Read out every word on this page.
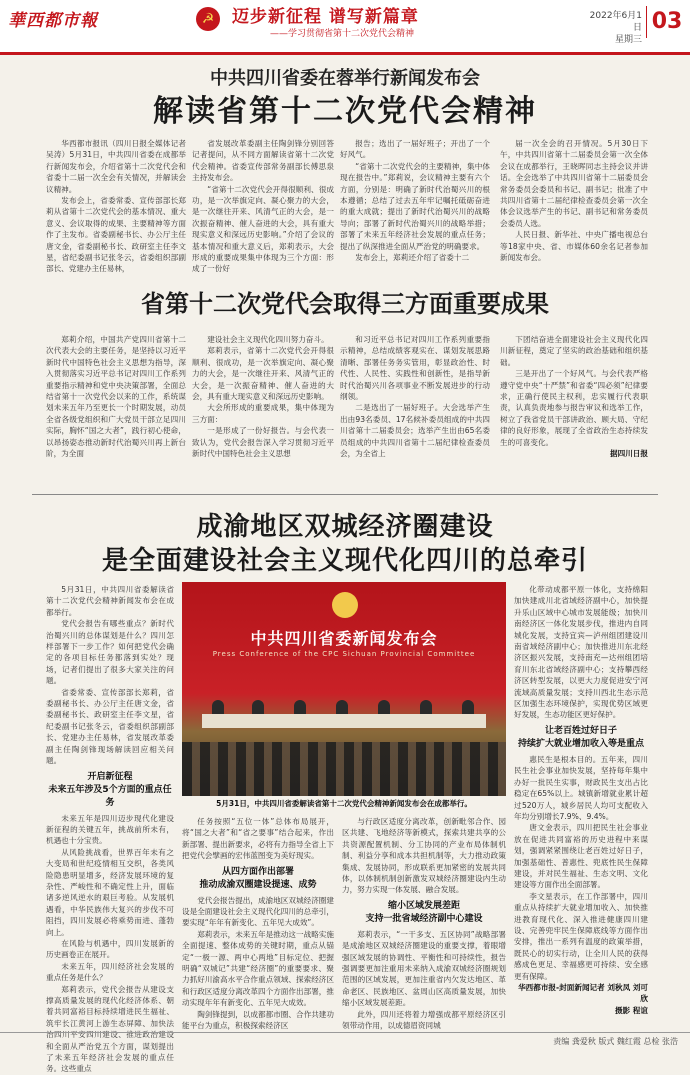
華西都市報	☭	迈步新征程 谱写新篇章
——学习贯彻省第十二次党代会精神
2022年6月1日
星期三
03
中共四川省委在蓉举行新闻发布会
解读省第十二次党代会精神

华西都市报讯（四川日报全媒体记者 吴涛）5月31日，中共四川省委在成都举行新闻发布会，介绍省第十二次党代会和省委十二届一次全会有关情况，并解读会议精神。

发布会上，省委常委、宣传部部长郑莉从省第十二次党代会的基本情况、重大意义、会议取得的成果、主要精神等方面作了主发布。省委副秘书长、办公厅主任唐文金，省委副秘书长、政研室主任李文星，省纪委副书记张冬云，省委组织部副部长、党建办主任易林，

省发展改革委副主任陶剑锋分别回答记者提问，从不同方面解读省第十二次党代会精神。省委宣传部常务副部长傅思泉主持发布会。

“省第十二次党代会开得很顺利、很成功，是一次举旗定向、凝心聚力的大会，是一次继往开来、风清气正的大会，是一次振奋精神、催人奋进的大会，具有重大现实意义和深远历史影响。”介绍了会议的基本情况和重大意义后，郑莉表示，大会形成的重要成果集中体现为三个方面：形成了一份好

报告；选出了一届好班子；开出了一个好风气。

“省第十二次党代会的主要精神，集中体现在报告中。”郑莉说，会议精神主要有六个方面，分别是：明确了新时代治蜀兴川的根本遵循；总结了过去五年牢记嘱托砥砺奋进的重大成就；提出了新时代治蜀兴川的战略导向；部署了新时代治蜀兴川的战略举措；部署了未来五年经济社会发展的重点任务；提出了纵深推进全面从严治党的明确要求。

发布会上，郑莉还介绍了省委十二

届一次全会的召开情况。5月30日下午，中共四川省第十二届委员会第一次全体会议在成都举行，王晓晖同志主持会议并讲话。全会选举了中共四川省第十二届委员会常务委员会委员和书记、副书记；批准了中共四川省第十二届纪律检查委员会第一次全体会议选举产生的书记、副书记和常务委员会委员人选。

人民日报、新华社、中央广播电视总台等18家中央、省、市媒体60余名记者参加新闻发布会。

省第十二次党代会取得三方面重要成果

郑莉介绍，中国共产党四川省第十二次代表大会的主要任务，是坚持以习近平新时代中国特色社会主义思想为指导，深入贯彻落实习近平总书记对四川工作系列重要指示精神和党中央决策部署，全面总结省第十一次党代会以来的工作，系统谋划未来五年乃至更长一个时期发展，动员全省各级党组织和广大党员干部立足四川实际，胸怀“国之大者”，践行初心使命，以昂扬姿态推动新时代治蜀兴川再上新台阶，为全面

建设社会主义现代化四川努力奋斗。

郑莉表示，省第十二次党代会开得很顺利、很成功，是一次举旗定向、凝心聚力的大会，是一次继往开来、风清气正的大会，是一次振奋精神、催人奋进的大会，具有重大现实意义和深远历史影响。

大会所形成的重要成果，集中体现为三方面：

一是形成了一份好报告。与会代表一致认为，党代会报告深入学习贯彻习近平新时代中国特色社会主义思想

和习近平总书记对四川工作系列重要指示精神，总结成绩客观实在、谋划发展思路清晰、部署任务务实管用，彰显政治性、时代性、人民性、实践性和创新性，是指导新时代治蜀兴川各项事业不断发展进步的行动纲领。

二是选出了一届好班子。大会选举产生出由93名委员、17名候补委员组成的中共四川省第十二届委员会；选举产生出由65名委员组成的中共四川省第十二届纪律检查委员会，为全省上

下团结奋进全面建设社会主义现代化四川新征程，奠定了坚实的政治基础和组织基础。

三是开出了一个好风气。与会代表严格遵守党中央“十严禁”和省委“四必须”纪律要求，正确行使民主权利，忠实履行代表职责，认真负责地参与报告审议和选举工作，树立了我省党员干部讲政治、顾大局、守纪律的良好形象，展现了全省政治生态持续发生的可喜变化。

据四川日报
成渝地区双城经济圈建设
是全面建设社会主义现代化四川的总牵引

5月31日，中共四川省委解读省第十二次党代会精神新闻发布会在成都举行。

党代会报告有哪些重点？新时代治蜀兴川的总体谋划是什么？四川怎样部署下一步工作？如何把党代会确定的各项目标任务都落到实处？现场，记者们提出了很多大家关注的问题。

省委常委、宣传部部长郑莉，省委副秘书长、办公厅主任唐文金，省委副秘书长、政研室主任李文星，省纪委副书记张冬云，省委组织部副部长、党建办主任易林，省发展改革委副主任陶剑锋现场解读回应相关问题。

开启新征程
未来五年涉及5个方面的重点任务

未来五年是四川迈步现代化建设新征程的关键五年，挑战前所未有，机遇也十分宝贵。

从风险挑战看，世界百年未有之大变局和世纪疫情相互交织，各类风险隐患明显增多，经济发展环境的复杂性、严峻性和不确定性上升，面临诸多逆风逆水的艰巨考验。从发展机遇看，中华民族伟大复兴的步伐不可阻挡，四川发展必将乘势而进、蓬勃向上。

在风险与机遇中，四川发展新的历史画卷正在展开。

未来五年，四川经济社会发展的重点任务是什么？

郑莉表示，党代会报告从建设支撑高质量发展的现代化经济体系、朝着共同富裕目标持续增进民生福祉、筑牢长江黄河上游生态屏障、加快法治四川平安四川建设、推进政治建设和全面从严治党五个方面，谋划提出了未来五年经济社会发展的重点任务。这些重点

中共四川省委新闻发布会
Press Conference of the CPC Sichuan Provincial Committee
5月31日，中共四川省委解读省第十二次党代会精神新闻发布会在成都举行。

任务按照“五位一体”总体布局展开，将“国之大者”和“省之要事”结合起来，作出新部署、提出新要求，必将有力指导全省上下把党代会擘画的宏伟蓝图变为美好现实。

从四方面作出部署
推动成渝双圈建设提速、成势

党代会报告提出，成渝地区双城经济圈建设是全面建设社会主义现代化四川的总牵引，要实现“年年有新变化、五年见大成效”。

郑莉表示，未来五年是推动这一战略实施全面提速、整体成势的关键时期，重点从锚定“一极一源、两中心两地”目标定位、把握明确“双城记”共建“经济圈”的重要要求、聚力抓好川渝高水平合作重点领域、探索经济区和行政区适度分离改革四个方面作出部署，推动实现年年有新变化、五年见大成效。

陶剑锋提到，以成都都市圈、合作共建功能平台为重点，积极探索经济区

与行政区适度分离改革，创新毗邻合作、园区共建、飞地经济等新模式，探索共建共享的公共资源配置机制、分工协同的产业布局体制机制、利益分享和成本共担机制等，大力推动政策集成、发展协同，形成联系更加紧密的发展共同体，以体制机制创新激发双城经济圈建设内生动力，努力实现一体发展、融合发展。

缩小区域发展差距
支持一批省域经济副中心建设

郑莉表示，“一干多支、五区协同”战略部署是成渝地区双城经济圈建设的重要支撑，着眼增强区域发展的协调性、平衡性和可持续性，报告强调要更加注重用未来纳入成渝双城经济圈规划范围的区域发展，更加注重省内欠发达地区、革命老区、民族地区、盆周山区高质量发展，加快缩小区域发展差距。

此外，四川还将着力增强成都平原经济区引领带动作用，以成德眉资同城

化带动成都平原一体化，支持绵阳加快建成川北省域经济副中心，加快提升乐山区域中心城市发展能级；加快川南经济区一体化发展步伐，推进内自同城化发展，支持宜宾—泸州组团建设川南省域经济副中心；加快推进川东北经济区振兴发展，支持南充—达州组团培育川东北省域经济副中心；支持攀西经济区转型发展，以更大力度促进安宁河流域高质量发展；支持川西北生态示范区加强生态环境保护，实现优势区域更好发展，生态功能区更好保护。

让老百姓过好日子
持续扩大就业增加收入等是重点

惠民生是根本目的。五年来，四川民生社会事业加快发展，坚持每年集中办好一批民生实事，财政民生支出占比稳定在65%以上。城镇新增就业累计超过520万人，城乡居民人均可支配收入年均分别增长7.9%、9.4%。

唐文金表示，四川把民生社会事业放在促进共同富裕的历史进程中来谋划，强调紧紧围绕让老百姓过好日子，加强基础性、普惠性、兜底性民生保障建设，并对民生福祉、生态文明、文化建设等方面作出全面部署。

李文星表示，在工作部署中，四川重点从持续扩大就业增加收入、加快推进教育现代化、深入推进健康四川建设、完善兜牢民生保障底线等方面作出安排，推出一系列有温度的政策举措，既民心的切实行动，让全川人民的获得感成色更足、幸福感更可持续、安全感更有保障。

华西都市报-封面新闻记者 刘秋凤 刘可欣
摄影 程谊
责编 龚爱秋 版式 魏红霞 总检 张浩
